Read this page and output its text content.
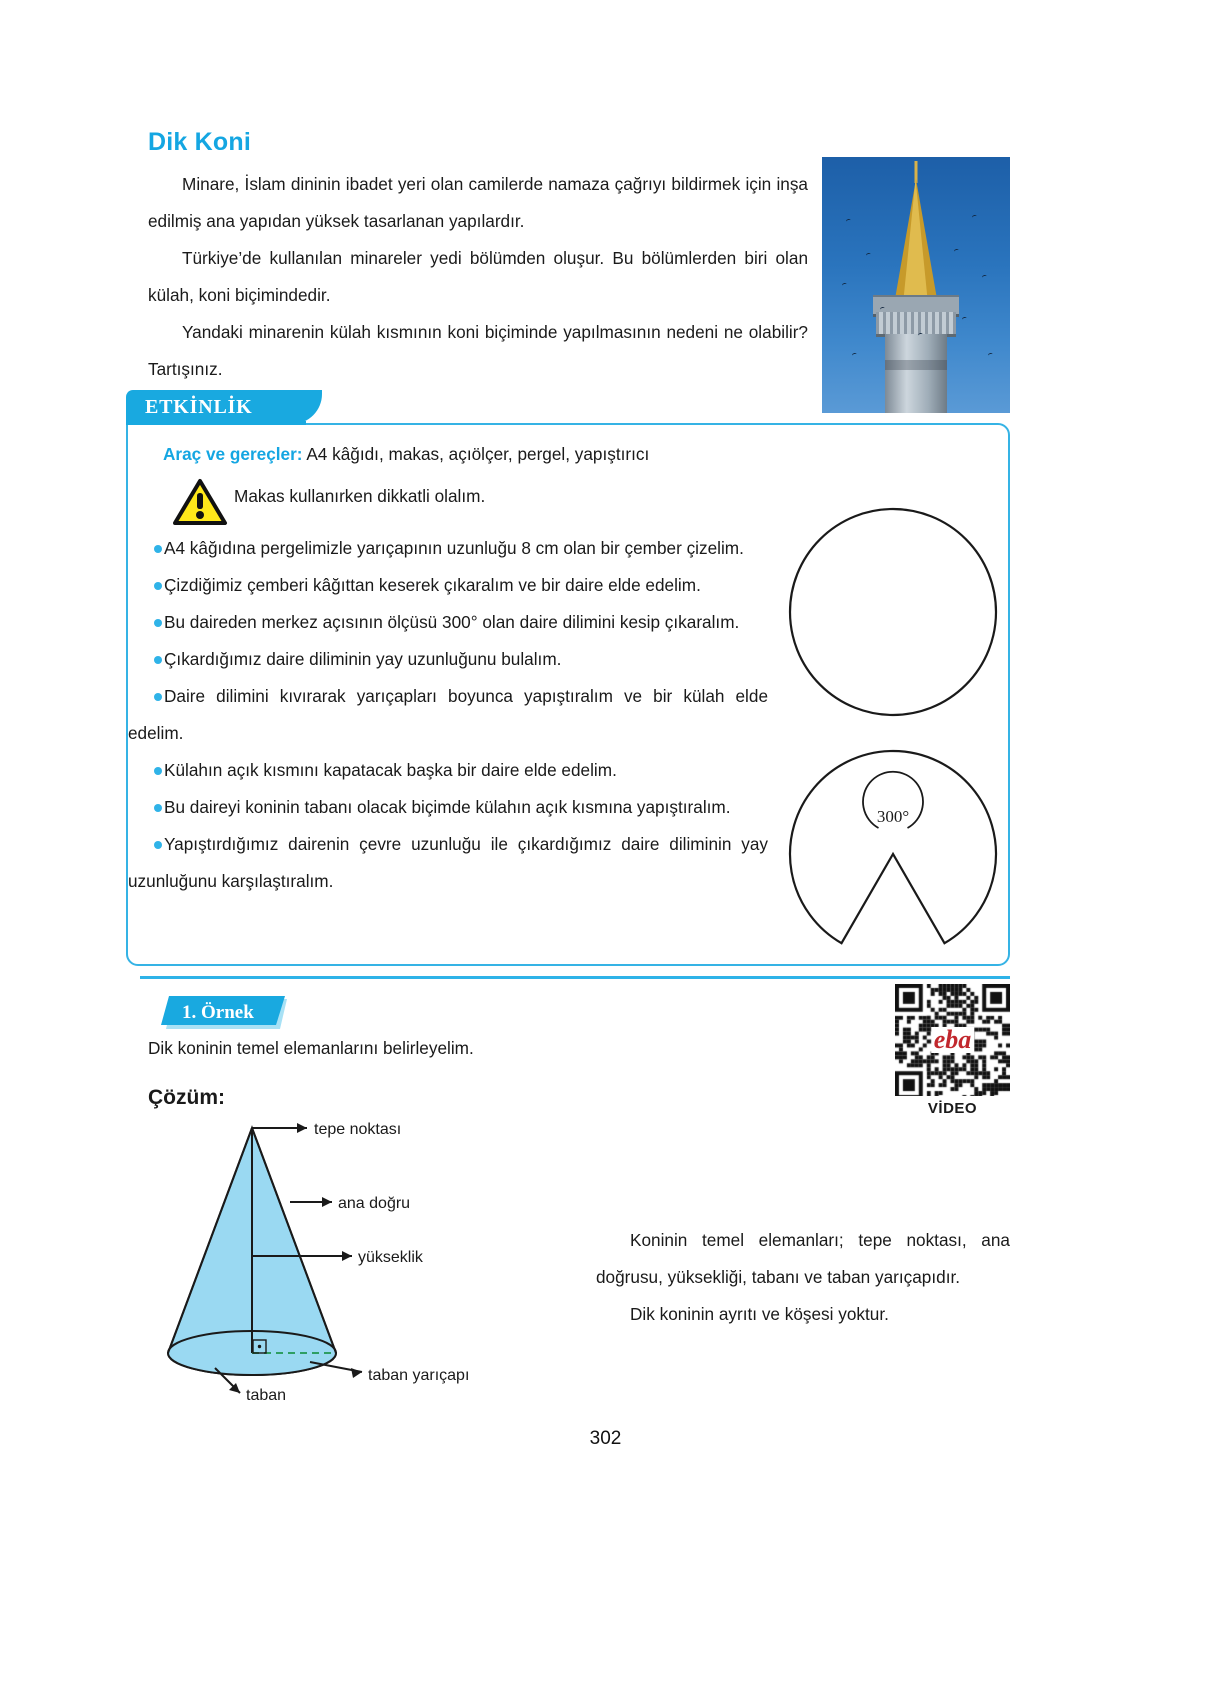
Dik Koni
Minare, İslam dininin ibadet yeri olan camilerde namaza çağrıyı bildirmek için inşa edilmiş ana yapıdan yüksek tasarlanan yapılardır.
Türkiye’de kullanılan minareler yedi bölümden oluşur. Bu bölümlerden biri olan külah, koni biçimindedir.
Yandaki minarenin külah kısmının koni biçiminde yapılmasının nedeni ne olabilir? Tartışınız.
ETKİNLİK
Araç ve gereçler: A4 kâğıdı, makas, açıölçer, pergel, yapıştırıcı
Makas kullanırken dikkatli olalım.

A4 kâğıdına pergelimizle yarıçapının uzunluğu 8 cm olan bir çember çizelim.

Çizdiğimiz çemberi kâğıttan keserek çıkaralım ve bir daire elde edelim.

Bu daireden merkez açısının ölçüsü 300° olan daire dilimini kesip çıkaralım.

Çıkardığımız daire diliminin yay uzunluğunu bulalım.

Daire dilimini kıvırarak yarıçapları boyunca yapıştıralım ve bir külah elde edelim.

Külahın açık kısmını kapatacak başka bir daire elde edelim.

Bu daireyi koninin tabanı olacak biçimde külahın açık kısmına yapıştıralım.

Yapıştırdığımız dairenin çevre uzunluğu ile çıkardığımız daire diliminin yay uzunluğunu karşılaştıralım.

300°
1. Örnek
Dik koninin temel elemanlarını belirleyelim.
Çözüm:
eba
VİDEO
tepe noktası
ana doğru
yükseklik
taban yarıçapı
taban
Koninin temel elemanları; tepe noktası, ana doğrusu, yüksekliği, tabanı ve taban yarıçapıdır.
Dik koninin ayrıtı ve köşesi yoktur.
302
